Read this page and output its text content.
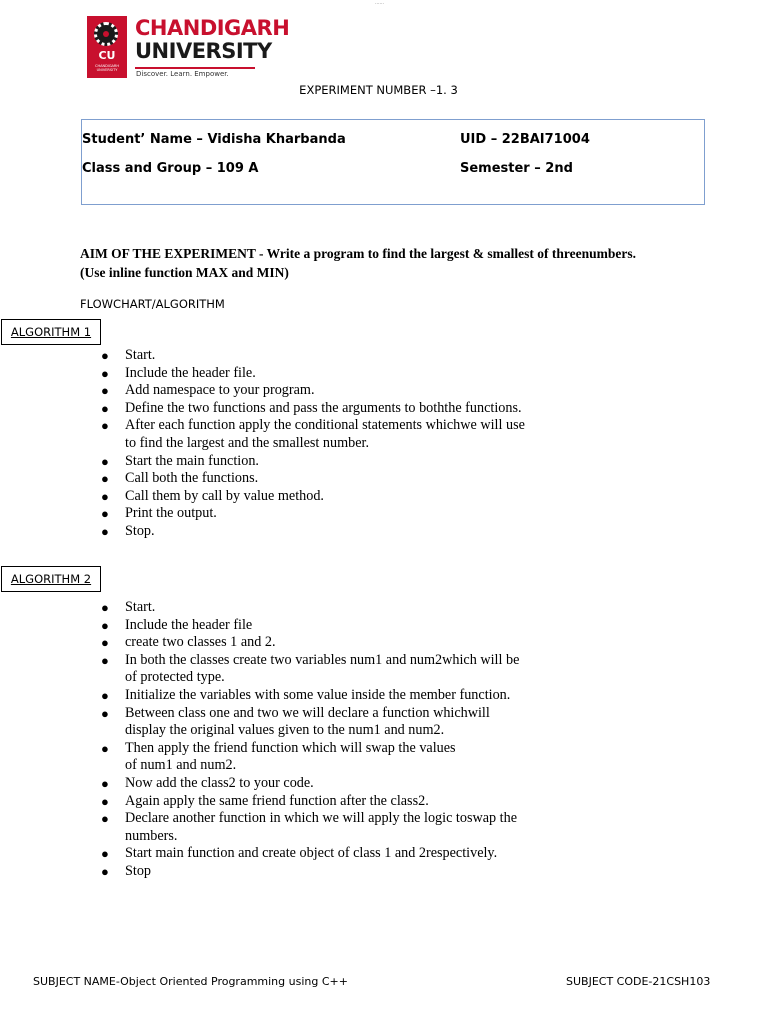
......
CU
CHANDIGARH UNIVERSITY
CHANDIGARH
UNIVERSITY
Discover. Learn. Empower.
EXPERIMENT NUMBER –1. 3
Student’ Name – Vidisha Kharbanda	UID – 22BAI71004
Class and Group – 109 A	Semester – 2nd
AIM OF THE EXPERIMENT - Write a program to find the largest & smallest of threenumbers.
(Use inline function MAX and MIN)
FLOWCHART/ALGORITHM
ALGORITHM 1
● Start.
● Include the header file.
● Add namespace to your program.
● Define the two functions and pass the arguments to boththe functions.
● After each function apply the conditional statements whichwe will use
to find the largest and the smallest number.
● Start the main function.
● Call both the functions.
● Call them by call by value method.
● Print the output.
● Stop.
ALGORITHM 2
● Start.
● Include the header file
● create two classes 1 and 2.
● In both the classes create two variables num1 and num2which will be
of protected type.
● Initialize the variables with some value inside the member function.
● Between class one and two we will declare a function whichwill
display the original values given to the num1 and num2.
● Then apply the friend function which will swap the values
of num1 and num2.
● Now add the class2 to your code.
● Again apply the same friend function after the class2.
● Declare another function in which we will apply the logic toswap the
numbers.
● Start main function and create object of class 1 and 2respectively.
● Stop
SUBJECT NAME-Object Oriented Programming using C++	SUBJECT CODE-21CSH103
